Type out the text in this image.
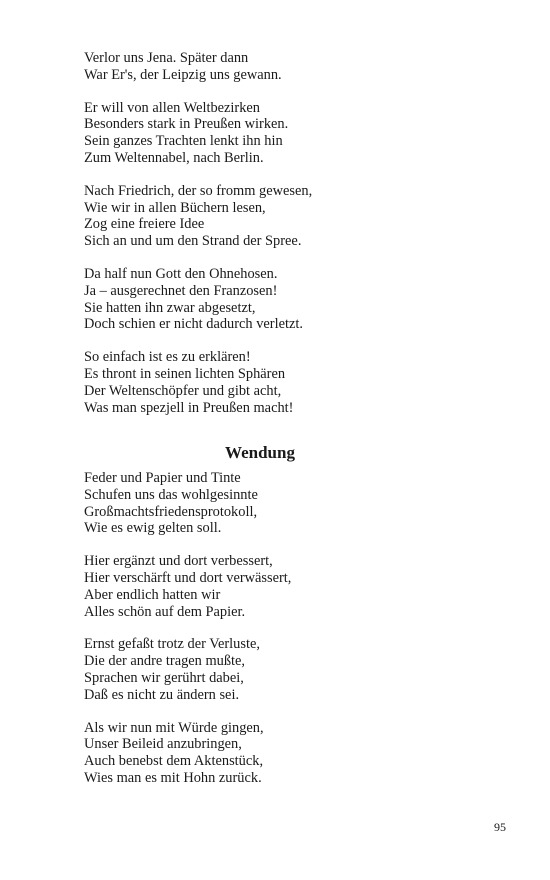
Verlor uns Jena. Später dann
War Er's, der Leipzig uns gewann.
Er will von allen Weltbezirken
Besonders stark in Preußen wirken.
Sein ganzes Trachten lenkt ihn hin
Zum Weltennabel, nach Berlin.
Nach Friedrich, der so fromm gewesen,
Wie wir in allen Büchern lesen,
Zog eine freiere Idee
Sich an und um den Strand der Spree.
Da half nun Gott den Ohnehosen.
Ja – ausgerechnet den Franzosen!
Sie hatten ihn zwar abgesetzt,
Doch schien er nicht dadurch verletzt.
So einfach ist es zu erklären!
Es thront in seinen lichten Sphären
Der Weltenschöpfer und gibt acht,
Was man spezjell in Preußen macht!
Wendung
Feder und Papier und Tinte
Schufen uns das wohlgesinnte
Großmachtsfriedensprotokoll,
Wie es ewig gelten soll.
Hier ergänzt und dort verbessert,
Hier verschärft und dort verwässert,
Aber endlich hatten wir
Alles schön auf dem Papier.
Ernst gefaßt trotz der Verluste,
Die der andre tragen mußte,
Sprachen wir gerührt dabei,
Daß es nicht zu ändern sei.
Als wir nun mit Würde gingen,
Unser Beileid anzubringen,
Auch benebst dem Aktenstück,
Wies man es mit Hohn zurück.
95
